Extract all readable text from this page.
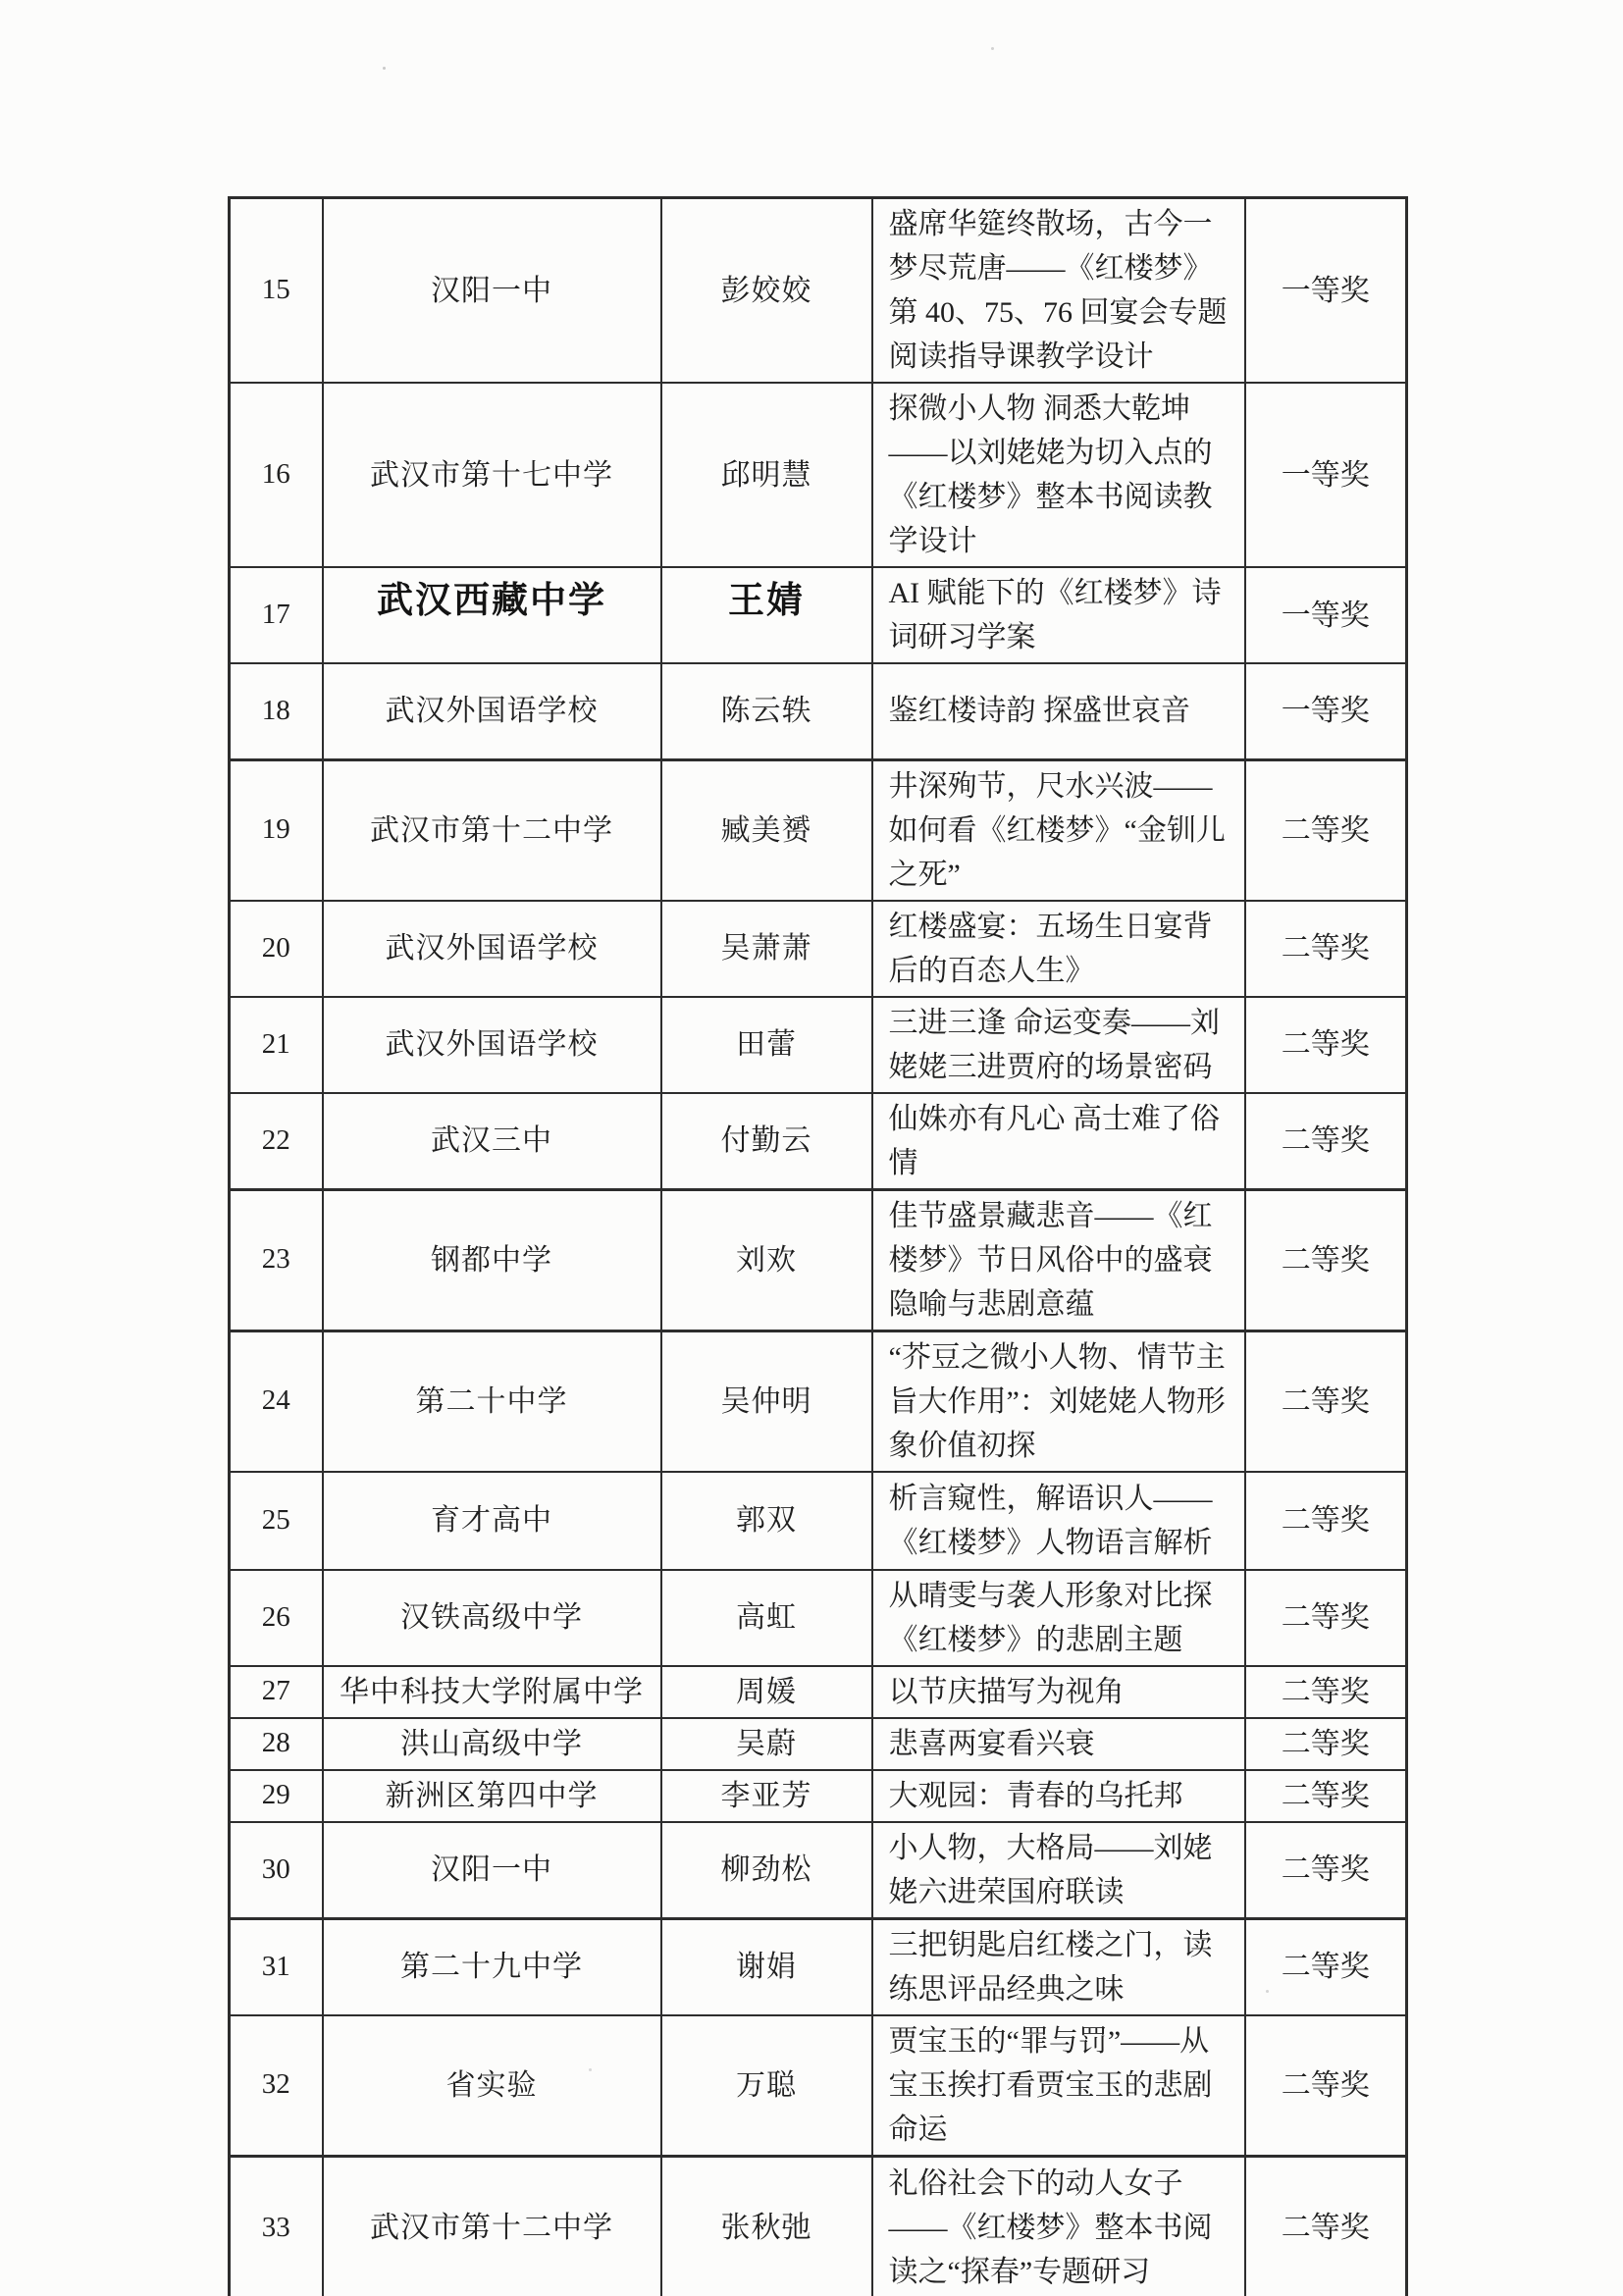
15	汉阳一中	彭姣姣	盛席华筵终散场，古今一梦尽荒唐——《红楼梦》第 40、75、76 回宴会专题阅读指导课教学设计	一等奖
16	武汉市第十七中学	邱明慧	探微小人物 洞悉大乾坤——以刘姥姥为切入点的《红楼梦》整本书阅读教学设计	一等奖
17	武汉西藏中学	王婧	AI 赋能下的《红楼梦》诗词研习学案	一等奖
18	武汉外国语学校	陈云轶	鉴红楼诗韵 探盛世哀音	一等奖
19	武汉市第十二中学	臧美赟	井深殉节，尺水兴波——如何看《红楼梦》“金钏儿之死”	二等奖
20	武汉外国语学校	吴萧萧	红楼盛宴：五场生日宴背后的百态人生》	二等奖
21	武汉外国语学校	田蕾	三进三逢 命运变奏——刘姥姥三进贾府的场景密码	二等奖
22	武汉三中	付勤云	仙姝亦有凡心 高士难了俗情	二等奖
23	钢都中学	刘欢	佳节盛景藏悲音——《红楼梦》节日风俗中的盛衰隐喻与悲剧意蕴	二等奖
24	第二十中学	吴仲明	“芥豆之微小人物、情节主旨大作用”：刘姥姥人物形象价值初探	二等奖
25	育才高中	郭双	析言窥性，解语识人——《红楼梦》人物语言解析	二等奖
26	汉铁高级中学	高虹	从晴雯与袭人形象对比探《红楼梦》的悲剧主题	二等奖
27	华中科技大学附属中学	周媛	以节庆描写为视角	二等奖
28	洪山高级中学	吴蔚	悲喜两宴看兴衰	二等奖
29	新洲区第四中学	李亚芳	大观园：青春的乌托邦	二等奖
30	汉阳一中	柳劲松	小人物，大格局——刘姥姥六进荣国府联读	二等奖
31	第二十九中学	谢娟	三把钥匙启红楼之门，读练思评品经典之味	二等奖
32	省实验	万聪	贾宝玉的“罪与罚”——从宝玉挨打看贾宝玉的悲剧命运	二等奖
33	武汉市第十二中学	张秋弛	礼俗社会下的动人女子——《红楼梦》整本书阅读之“探春”专题研习	二等奖
